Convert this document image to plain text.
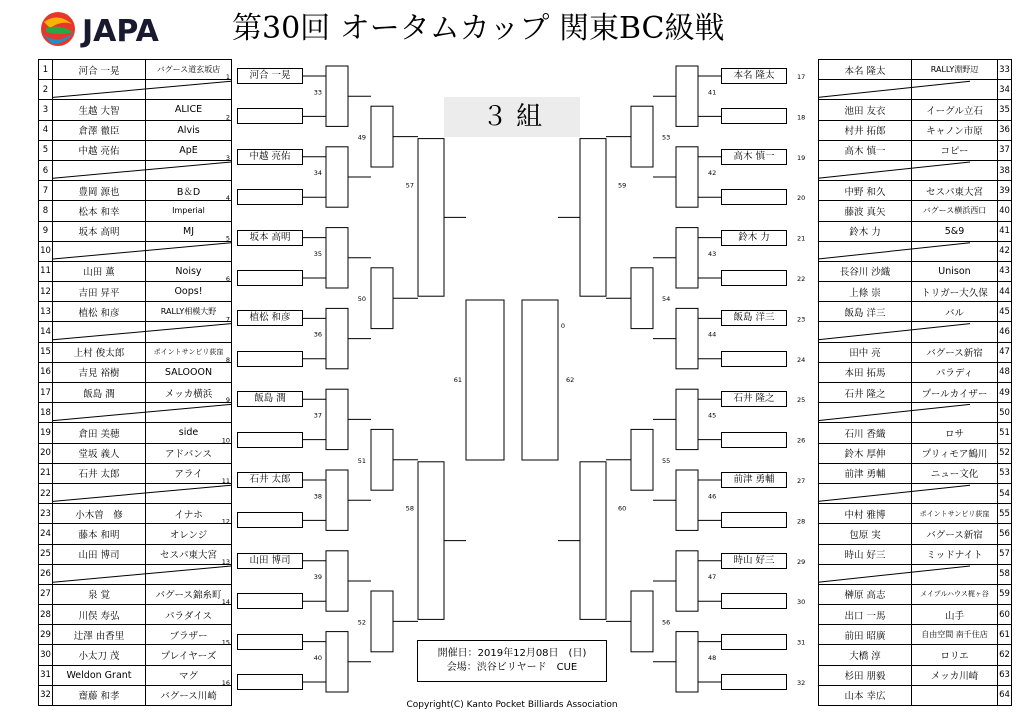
JAPA 第30回 オータムカップ 関東BC級戦
３ 組
1	河合 一晃	バグース道玄坂店
2		
3	生越 大智	ALICE
4	倉澤 徹臣	Alvis
5	中越 亮佑	ApE
6		
7	豊岡 源也	B＆D
8	松本 和幸	Imperial
9	坂本 高明	MJ
10		
11	山田 薫	Noisy
12	吉田 昇平	Oops!
13	植松 和彦	RALLY相模大野
14		
15	上村 俊太郎	ポイントサンビリ荻窪
16	吉見 裕樹	SALOOON
17	飯島 潤	メッカ横浜
18		
19	倉田 美穂	side
20	堂坂 義人	アドバンス
21	石井 太郎	アライ
22		
23	小木曽　修	イナホ
24	藤本 和明	オレンジ
25	山田 博司	セスパ東大宮
26		
27	泉 覚	バグース錦糸町
28	川俣 寿弘	パラダイス
29	辻澤 由香里	ブラザー
30	小太刀 茂	プレイヤーズ
31	Weldon Grant	マグ
32	齋藤 和孝	バグース川崎
本名 隆太	RALLY淵野辺	33
		34
池田 友衣	イーグル立石	35
村井 拓郎	キャノン市原	36
高木 慎一	コピー	37
		38
中野 和久	セスパ東大宮	39
藤波 真矢	バグース横浜西口	40
鈴木 力	5&9	41
		42
長谷川 沙織	Unison	43
上條 崇	トリガー大久保	44
飯島 洋三	バル	45
		46
田中 亮	バグース新宿	47
本田 拓馬	パラディ	48
石井 隆之	プールカイザー	49
		50
石川 香織	ロサ	51
鈴木 厚伸	プリィモア鶴川	52
前津 勇輔	ニュー文化	53
		54
中村 雅博	ポイントサンビリ荻窪	55
包原 実	バグース新宿	56
時山 好三	ミッドナイト	57
		58
榊原 高志	メイプルハウス梶ヶ谷	59
出口 一馬	山手	60
前田 昭廣	自由空間 南千住店	61
大橋 淳	ロリエ	62
杉田 朋毅	メッカ川崎	63
山本 幸広		64
1
2
33
3
4
34
5
6
35
7
8
36
9
10
37
11
12
38
13
14
39
15
16
40
49
50
51
52
57
58
61
17
18
41
19
20
42
21
22
43
23
24
44
25
26
45
27
28
46
29
30
47
31
32
48
53
54
55
56
59
60
62
0
開催日：2019年12月08日　(日)
会場：渋谷ビリヤード　CUE
Copyright(C) Kanto Pocket Billiards Association
河合 一晃
中越 亮佑
坂本 高明
植松 和彦
飯島 潤
石井 太郎
山田 博司
本名 隆太
高木 慎一
鈴木 力
飯島 洋三
石井 隆之
前津 勇輔
時山 好三
